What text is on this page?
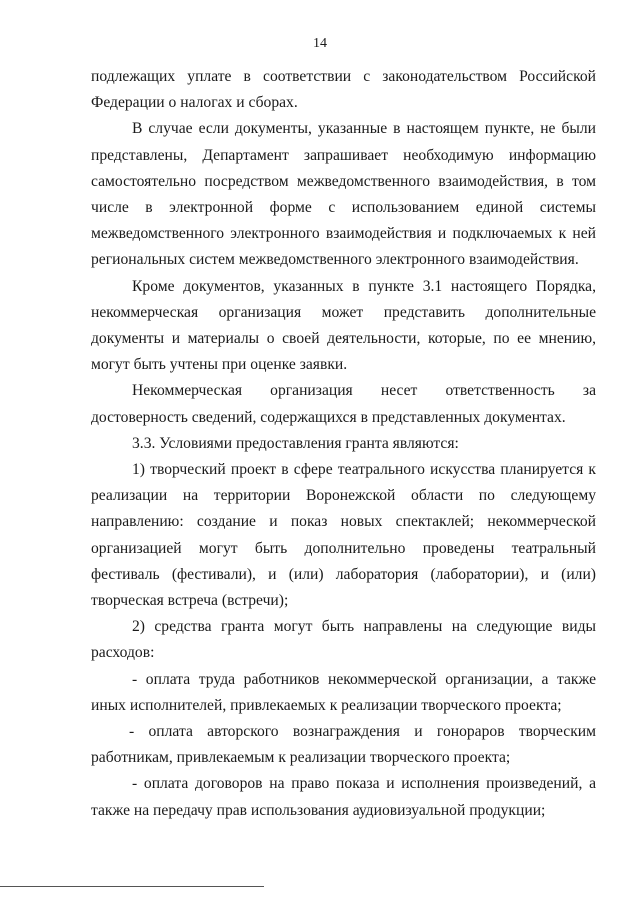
14

подлежащих уплате в соответствии с законодательством Российской Федерации о налогах и сборах.

В случае если документы, указанные в настоящем пункте, не были представлены, Департамент запрашивает необходимую информацию самостоятельно посредством межведомственного взаимодействия, в том числе в электронной форме с использованием единой системы межведомственного электронного взаимодействия и подключаемых к ней региональных систем межведомственного электронного взаимодействия.

Кроме документов, указанных в пункте 3.1 настоящего Порядка, некоммерческая организация может представить дополнительные документы и материалы о своей деятельности, которые, по ее мнению, могут быть учтены при оценке заявки.

Некоммерческая организация несет ответственность за достоверность сведений, содержащихся в представленных документах.

3.3. Условиями предоставления гранта являются:

1) творческий проект в сфере театрального искусства планируется к реализации на территории Воронежской области по следующему направлению: создание и показ новых спектаклей; некоммерческой организацией могут быть дополнительно проведены театральный фестиваль (фестивали), и (или) лаборатория (лаборатории), и (или) творческая встреча (встречи);

2) средства гранта могут быть направлены на следующие виды расходов:

- оплата труда работников некоммерческой организации, а также иных исполнителей, привлекаемых к реализации творческого проекта;

- оплата авторского вознаграждения и гонораров творческим работникам, привлекаемым к реализации творческого проекта;

- оплата договоров на право показа и исполнения произведений, а также на передачу прав использования аудиовизуальной продукции;
